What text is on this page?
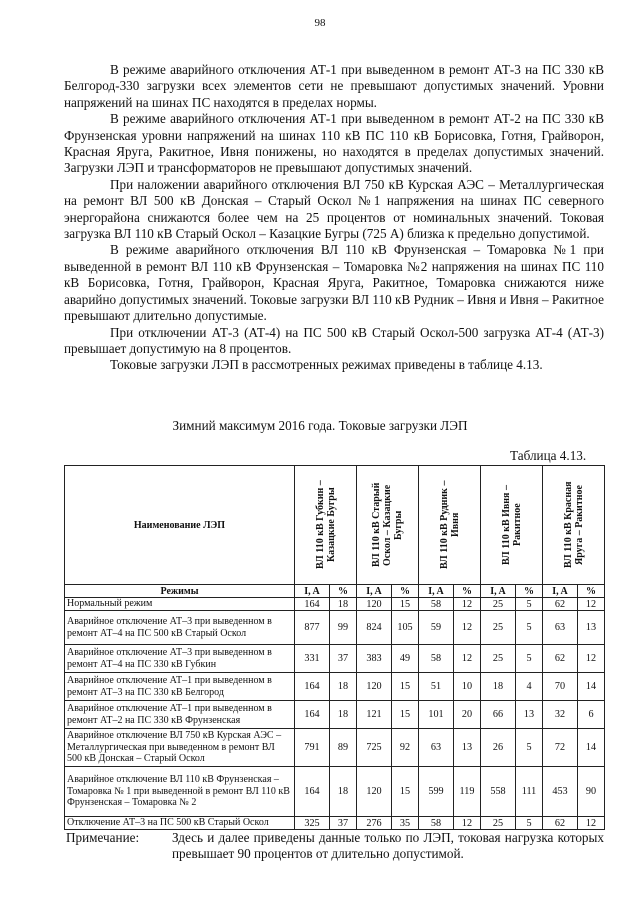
98

В режиме аварийного отключения АТ-1 при выведенном в ремонт АТ-3 на ПС 330 кВ Белгород-330 загрузки всех элементов сети не превышают допустимых значений. Уровни напряжений на шинах ПС находятся в пределах нормы.

В режиме аварийного отключения АТ-1 при выведенном в ремонт АТ-2 на ПС 330 кВ Фрунзенская уровни напряжений на шинах 110 кВ ПС 110 кВ Борисовка, Готня, Грайворон, Красная Яруга, Ракитное, Ивня понижены, но находятся в пределах допустимых значений. Загрузки ЛЭП и трансформаторов не превышают допустимых значений.

При наложении аварийного отключения ВЛ 750 кВ Курская АЭС – Металлургическая на ремонт ВЛ 500 кВ Донская – Старый Оскол №1 напряжения на шинах ПС северного энергорайона снижаются более чем на 25 процентов от номинальных значений. Токовая загрузка ВЛ 110 кВ Старый Оскол – Казацкие Бугры (725 А) близка к предельно допустимой.

В режиме аварийного отключения ВЛ 110 кВ Фрунзенская – Томаровка №1 при выведенной в ремонт ВЛ 110 кВ Фрунзенская – Томаровка №2 напряжения на шинах ПС 110 кВ Борисовка, Готня, Грайворон, Красная Яруга, Ракитное, Томаровка снижаются ниже аварийно допустимых значений. Токовые загрузки ВЛ 110 кВ Рудник – Ивня и Ивня – Ракитное превышают длительно допустимые.

При отключении АТ-3 (АТ-4) на ПС 500 кВ Старый Оскол-500 загрузка АТ-4 (АТ-3) превышает допустимую на 8 процентов.

Токовые загрузки ЛЭП в рассмотренных режимах приведены в таблице 4.13.

Зимний максимум 2016 года. Токовые загрузки ЛЭП
Таблица 4.13.
Наименование ЛЭП	ВЛ 110 кВ Губкин – Казацкие Бугры		ВЛ 110 кВ Старый Оскол – Казацкие Бугры		ВЛ 110 кВ Рудник – Ивня		ВЛ 110 кВ Ивня – Ракитное		ВЛ 110 кВ Красная Яруга – Ракитное	

Режимы	I, A	%	I, A	%	I, A	%	I, A	%	I, A	%
Нормальный режим	164	18	120	15	58	12	25	5	62	12
Аварийное отключение АТ–3 при выведенном в ремонт АТ–4 на ПС 500 кВ Старый Оскол	877	99	824	105	59	12	25	5	63	13
Аварийное отключение АТ–3 при выведенном в ремонт АТ–4 на ПС 330 кВ Губкин	331	37	383	49	58	12	25	5	62	12
Аварийное отключение АТ–1 при выведенном в ремонт АТ–3 на ПС 330 кВ Белгород	164	18	120	15	51	10	18	4	70	14
Аварийное отключение АТ–1 при выведенном в ремонт АТ–2 на ПС 330 кВ Фрунзенская	164	18	121	15	101	20	66	13	32	6
Аварийное отключение ВЛ 750 кВ Курская АЭС – Металлургическая при выведенном в ремонт ВЛ 500 кВ Донская – Старый Оскол	791	89	725	92	63	13	26	5	72	14
Аварийное отключение ВЛ 110 кВ Фрунзенская – Томаровка № 1 при выведенной в ремонт ВЛ 110 кВ Фрунзенская – Томаровка № 2	164	18	120	15	599	119	558	111	453	90
Отключение АТ–3 на ПС 500 кВ Старый Оскол	325	37	276	35	58	12	25	5	62	12
Примечание: Здесь и далее приведены данные только по ЛЭП, токовая нагрузка которых превышает 90 процентов от длительно допустимой.
